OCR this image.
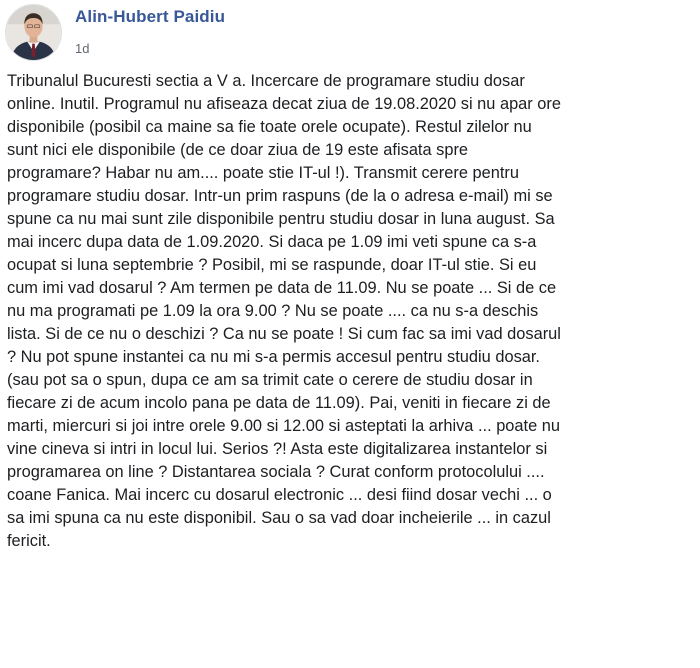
Alin-Hubert Paidiu
1d
Tribunalul Bucuresti sectia a V a. Incercare de programare studiu dosar
online. Inutil. Programul nu afiseaza decat ziua de 19.08.2020 si nu apar ore
disponibile (posibil ca maine sa fie toate orele ocupate). Restul zilelor nu
sunt nici ele disponibile (de ce doar ziua de 19 este afisata spre
programare? Habar nu am.... poate stie IT-ul !). Transmit cerere pentru
programare studiu dosar. Intr-un prim raspuns (de la o adresa e-mail) mi se
spune ca nu mai sunt zile disponibile pentru studiu dosar in luna august. Sa
mai incerc dupa data de 1.09.2020. Si daca pe 1.09 imi veti spune ca s-a
ocupat si luna septembrie ? Posibil, mi se raspunde, doar IT-ul stie. Si eu
cum imi vad dosarul ? Am termen pe data de 11.09. Nu se poate ... Si de ce
nu ma programati pe 1.09 la ora 9.00 ? Nu se poate .... ca nu s-a deschis
lista. Si de ce nu o deschizi ? Ca nu se poate ! Si cum fac sa imi vad dosarul
? Nu pot spune instantei ca nu mi s-a permis accesul pentru studiu dosar.
(sau pot sa o spun, dupa ce am sa trimit cate o cerere de studiu dosar in
fiecare zi de acum incolo pana pe data de 11.09). Pai, veniti in fiecare zi de
marti, miercuri si joi intre orele 9.00 si 12.00 si asteptati la arhiva ... poate nu
vine cineva si intri in locul lui. Serios ?! Asta este digitalizarea instantelor si
programarea on line ? Distantarea sociala ? Curat conform protocolului ....
coane Fanica. Mai incerc cu dosarul electronic ... desi fiind dosar vechi ... o
sa imi spuna ca nu este disponibil. Sau o sa vad doar incheierile ... in cazul
fericit.
